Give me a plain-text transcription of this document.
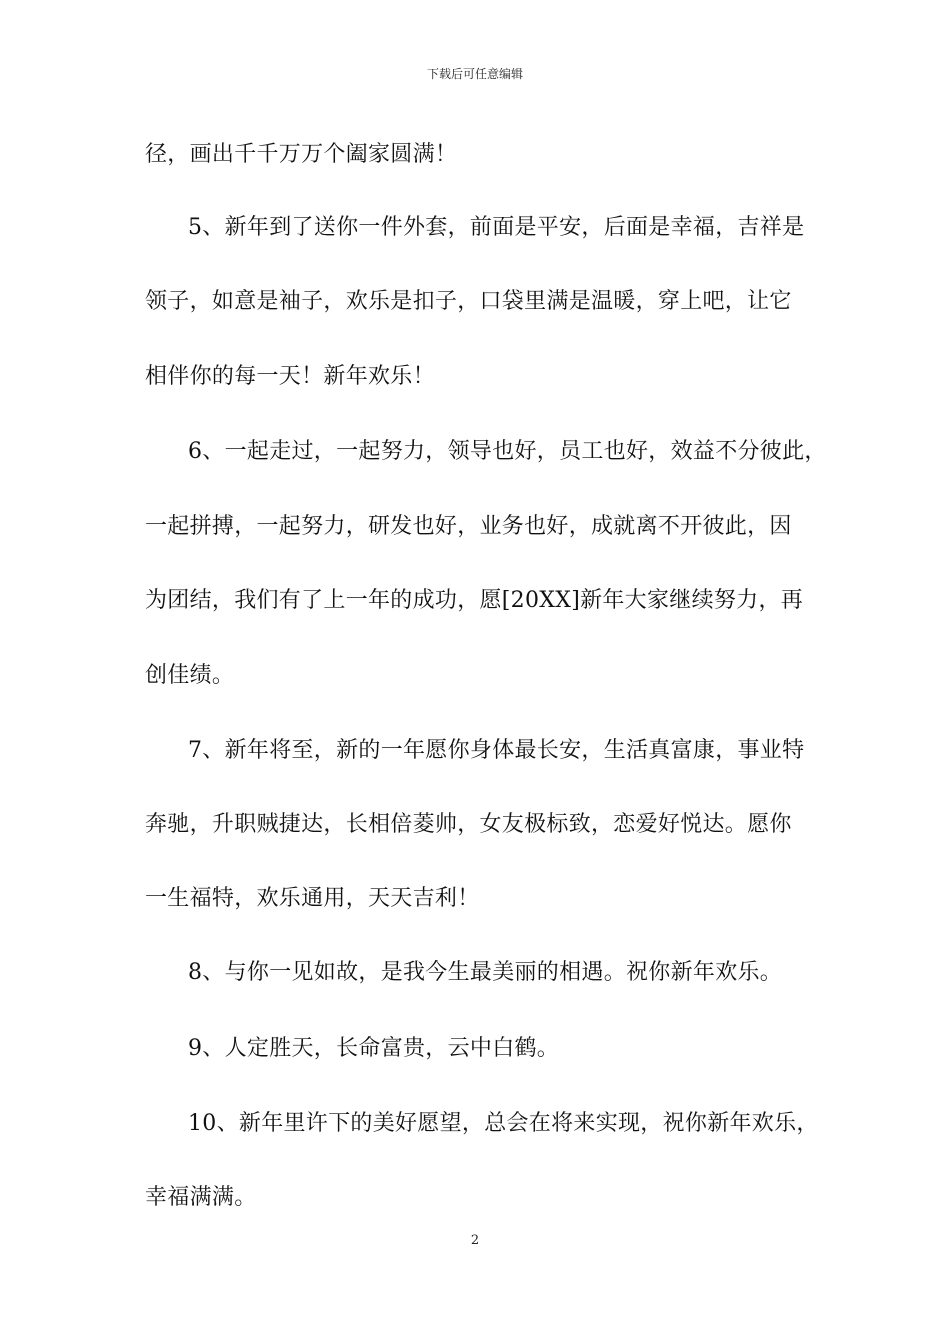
下载后可任意编辑
径，画出千千万万个阖家圆满！
5、新年到了送你一件外套，前面是平安，后面是幸福，吉祥是
领子，如意是袖子，欢乐是扣子，口袋里满是温暖，穿上吧，让它
相伴你的每一天！新年欢乐！
6、一起走过，一起努力，领导也好，员工也好，效益不分彼此，
一起拼搏，一起努力，研发也好，业务也好，成就离不开彼此，因
为团结，我们有了上一年的成功，愿[20XX]新年大家继续努力，再
创佳绩。
7、新年将至，新的一年愿你身体最长安，生活真富康，事业特
奔驰，升职贼捷达，长相倍菱帅，女友极标致，恋爱好悦达。愿你
一生福特，欢乐通用，天天吉利！
8、与你一见如故，是我今生最美丽的相遇。祝你新年欢乐。
9、人定胜天，长命富贵，云中白鹤。
10、新年里许下的美好愿望，总会在将来实现，祝你新年欢乐，
幸福满满。
2
